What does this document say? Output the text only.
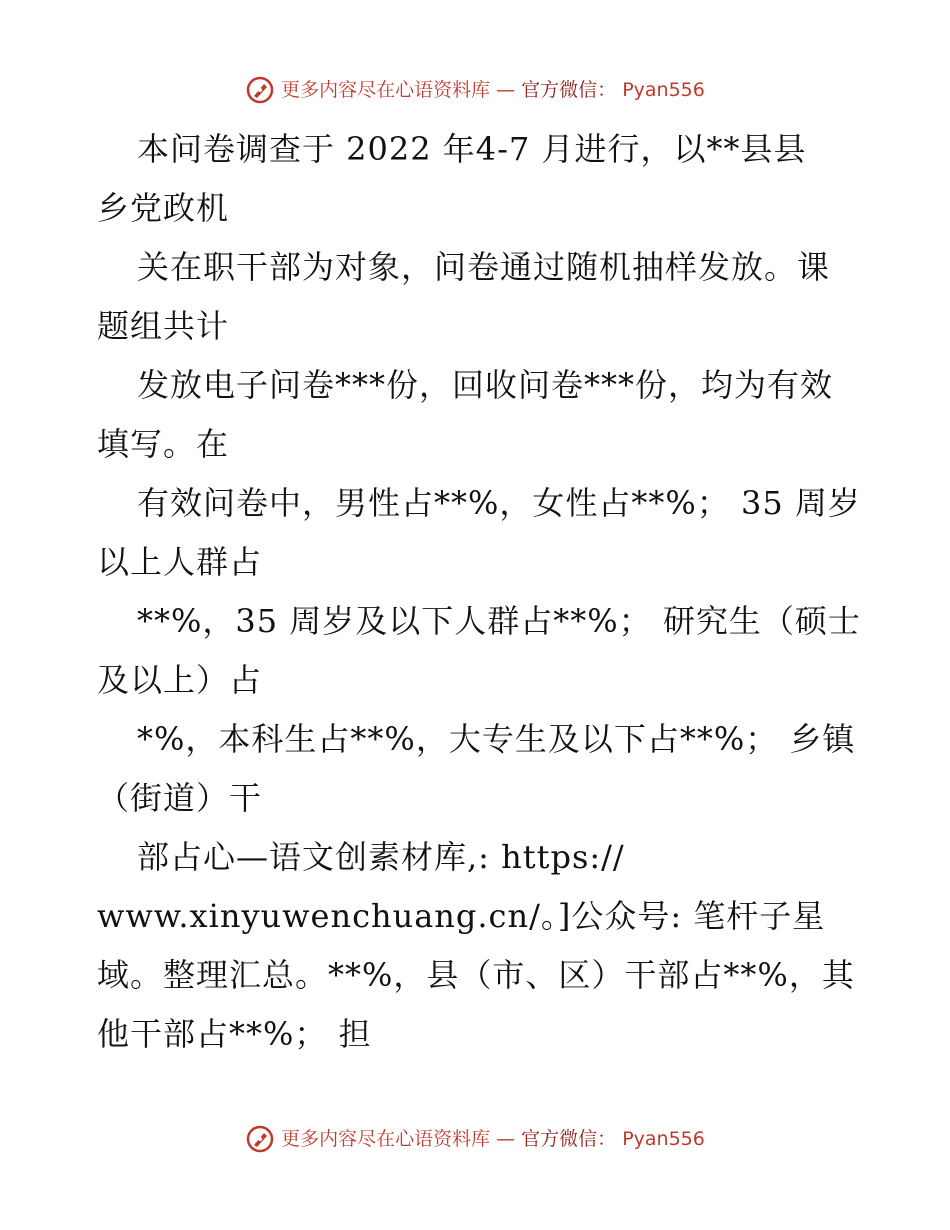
更多内容尽在心语资料库 — 官方微信： Pyan556

本问卷调查于 2022 年4-7 月进行，以**县县

乡党政机

关在职干部为对象，问卷通过随机抽样发放。课

题组共计

发放电子问卷***份，回收问卷***份，均为有效

填写。在

有效问卷中，男性占**%，女性占**%； 35 周岁

以上人群占

**%，35 周岁及以下人群占**%； 研究生（硕士

及以上）占

*%，本科生占**%，大专生及以下占**%； 乡镇

（街道）干

部占心—语文创素材库,: https://

www.xinyuwenchuang.cn/。]公众号: 笔杆子星

域。整理汇总。**%，县（市、区）干部占**%，其

他干部占**%； 担

更多内容尽在心语资料库 — 官方微信： Pyan556
